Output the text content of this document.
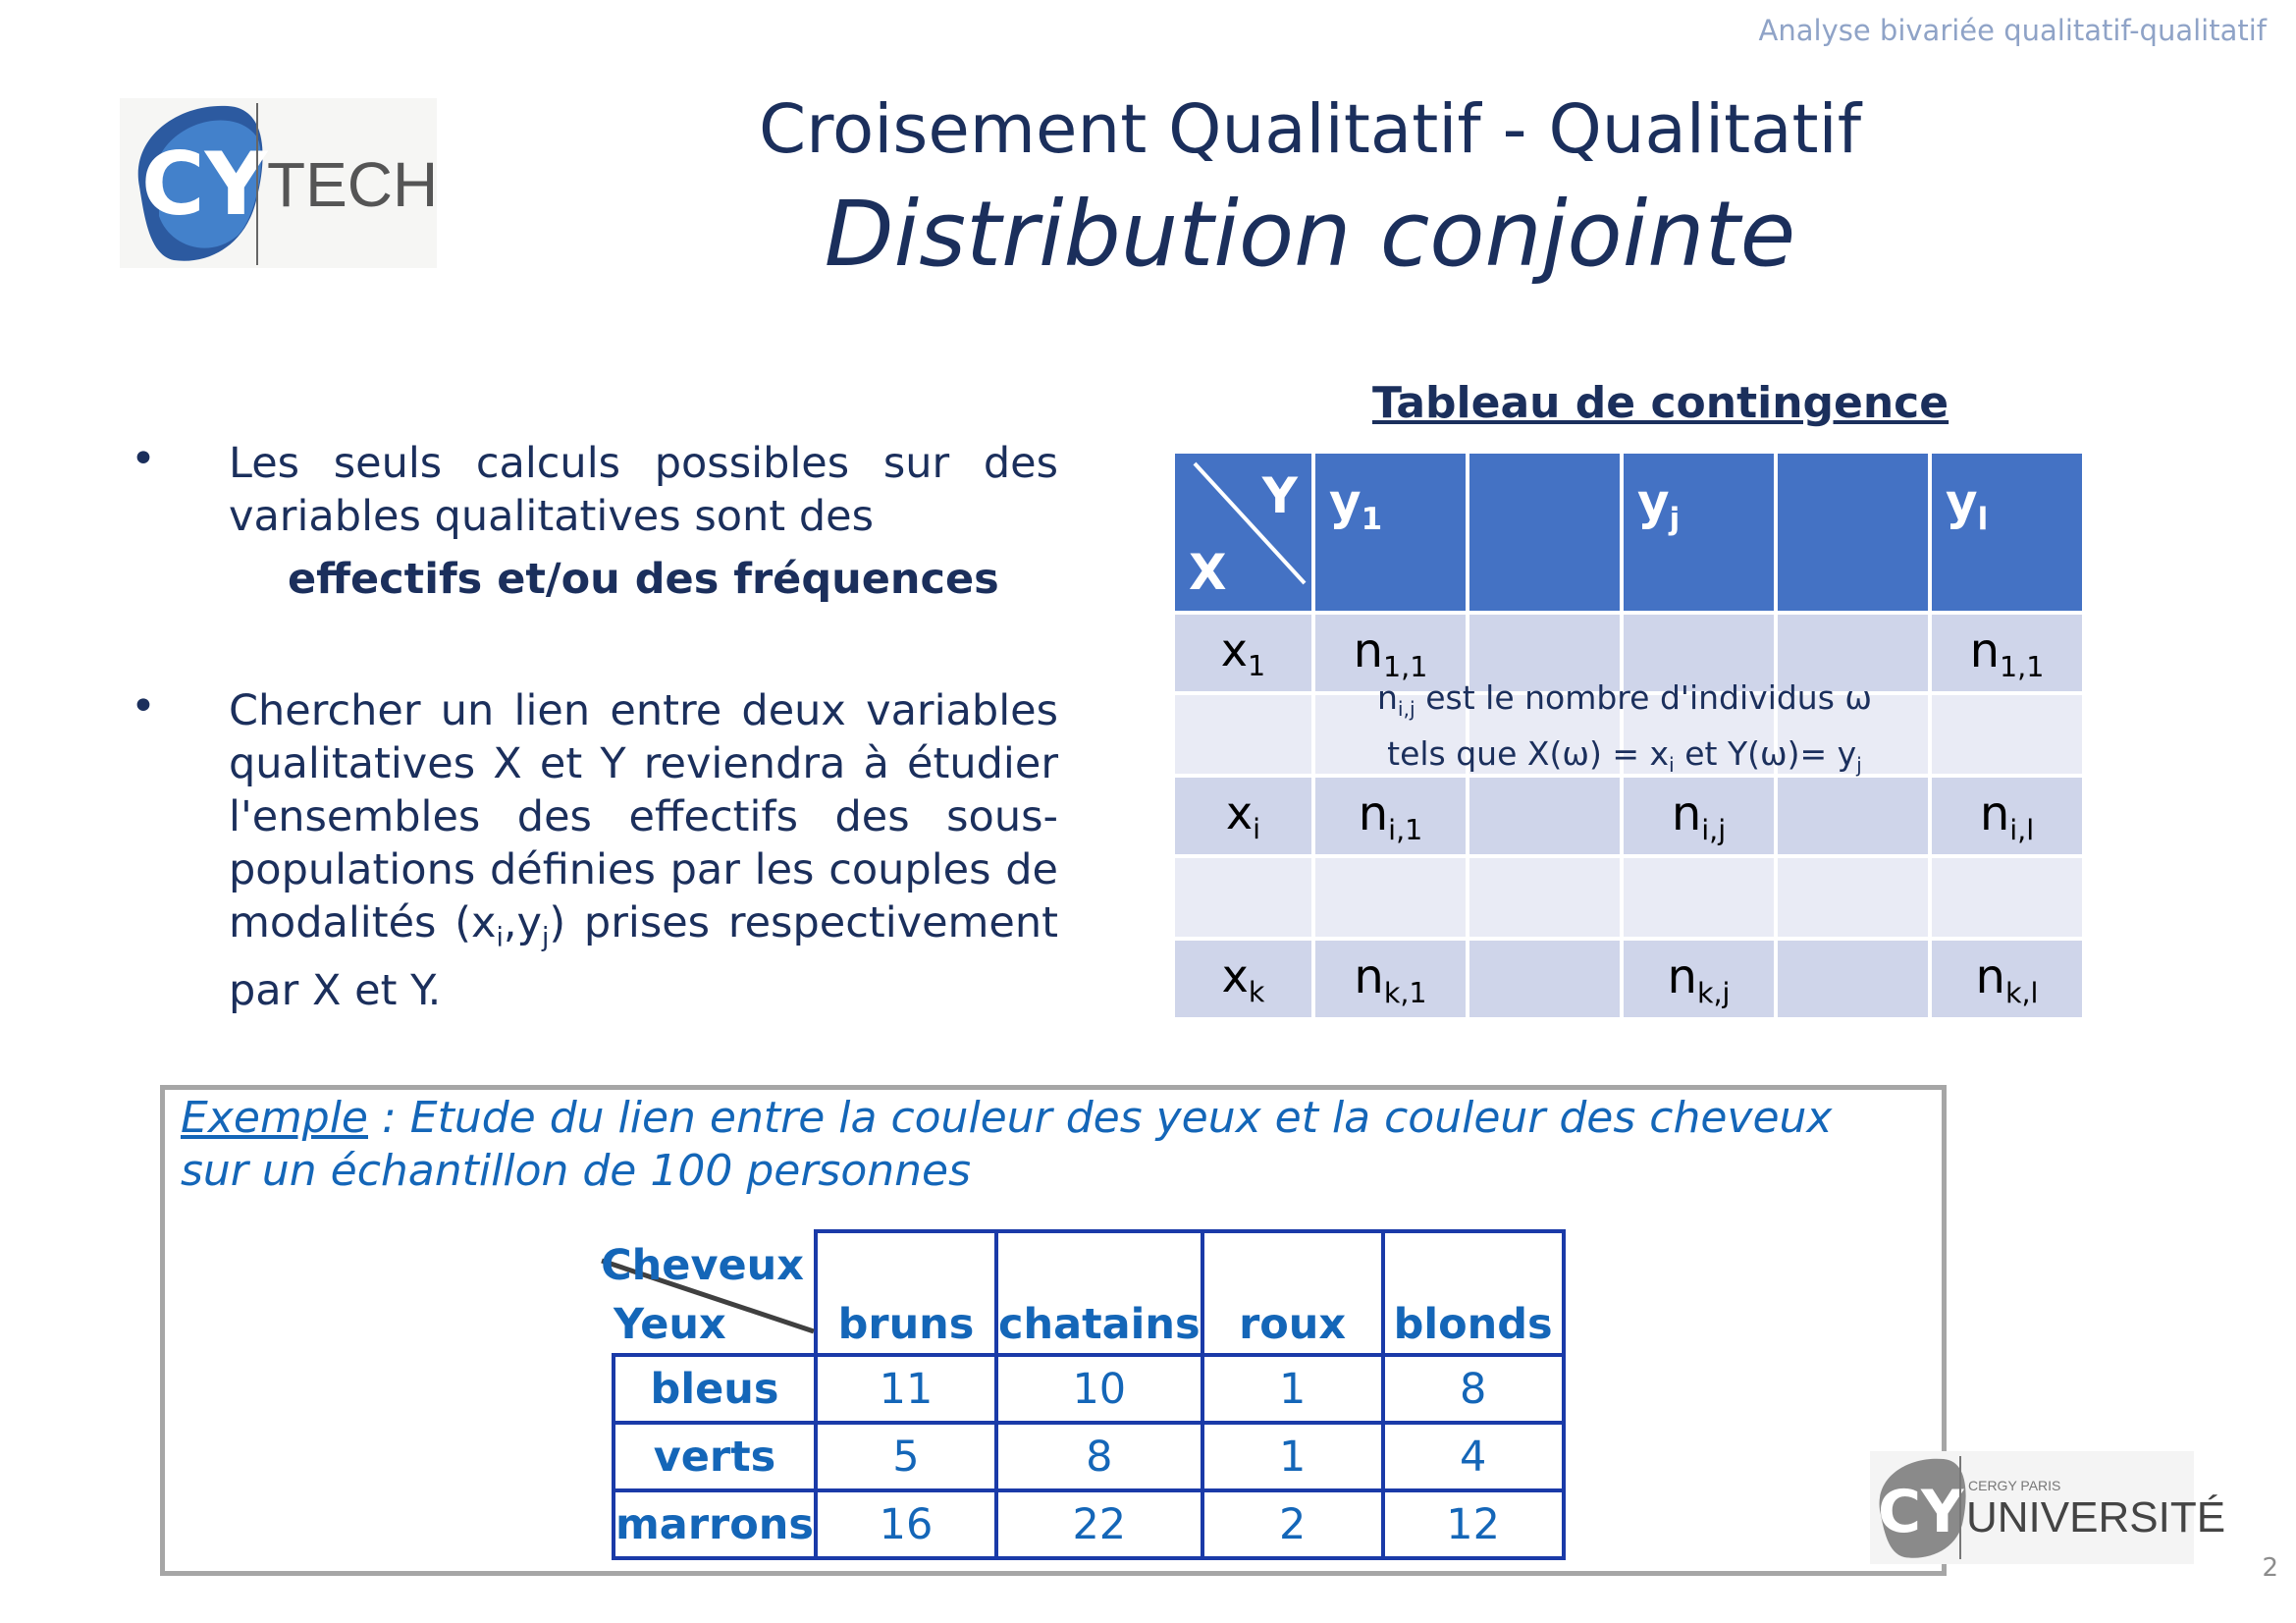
Analyse bivariée qualitatif-qualitatif
CY TECH
Croisement Qualitatif - Qualitatif
Distribution conjointe
• Les seuls calculs possibles sur des variables qualitatives sont des
effectifs et/ou des fréquences
• Chercher un lien entre deux variables qualitatives X et Y reviendra à étudier l'ensembles des effectifs des sous-populations définies par les couples de modalités $(x_i,y_j)$ prises respectivement par X et Y.
Tableau de contingence
Y
X	$y_1$		$y_j$		$y_l$
$x_1$	$n_{1,1}$				$n_{1,1}$

$x_i$	$n_{i,1}$		$n_{i,j}$		$n_{i,l}$

$x_k$	$n_{k,1}$		$n_{k,j}$		$n_{k,l}$
$n_{i,j}$ est le nombre d'individus ω
tels que $X(\omega) = x_i$ et $Y(\omega)= y_j$
Exemple : Etude du lien entre la couleur des yeux et la couleur des cheveux sur un échantillon de 100 personnes
Cheveux
Yeux	bruns	chatains	roux	blonds
bleus	11	10	1	8
verts	5	8	1	4
marrons	16	22	2	12	CY CERGY PARIS
UNIVERSITÉ
2
